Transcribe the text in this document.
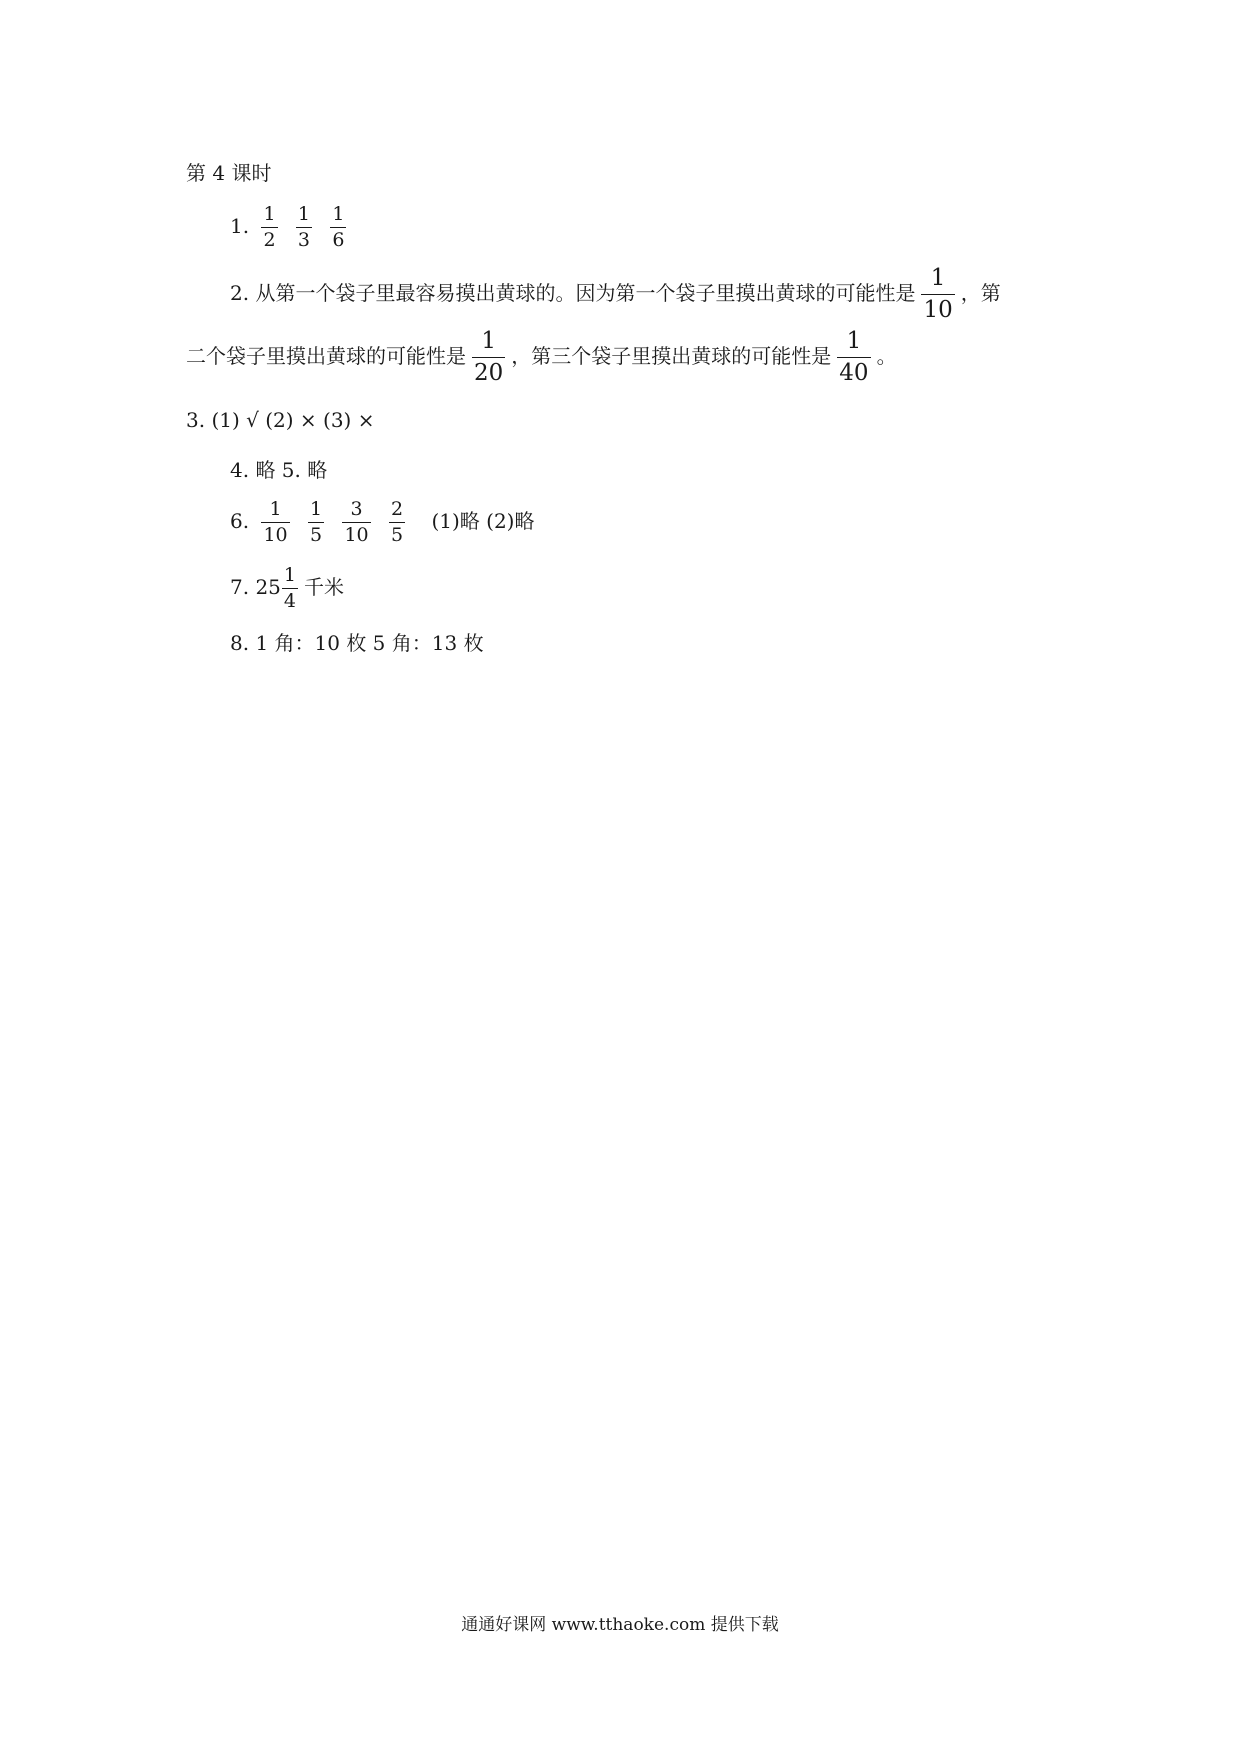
第 4 课时
1. $\frac{1}{2}$
$\frac{1}{3}$
$\frac{1}{6}$
2. 从第一个袋子里最容易摸出黄球的。因为第一个袋子里摸出黄球的可能性是 $\frac{1}{10}$ ，第
二个袋子里摸出黄球的可能性是 $\frac{1}{20}$ ，第三个袋子里摸出黄球的可能性是 $\frac{1}{40}$ 。
3. (1) √ (2) × (3) ×
4. 略 5. 略
6. $\frac{1}{10}$
$\frac{1}{5}$
$\frac{3}{10}$
$\frac{2}{5} (1)$略 (2)略
7. $25 \frac{1}{4}$ 千米
8. 1 角：10 枚 5 角：13 枚
通通好课网 www.tthaoke.com 提供下载
